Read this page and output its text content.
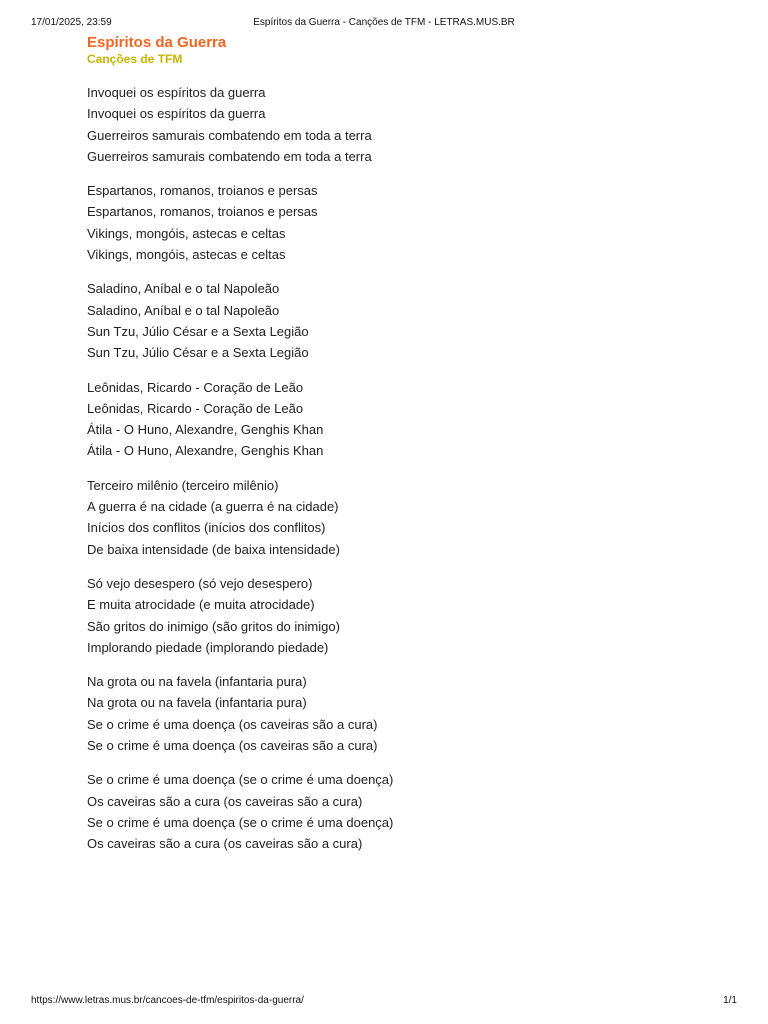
17/01/2025, 23:59	Espíritos da Guerra - Canções de TFM - LETRAS.MUS.BR
Espíritos da Guerra
Canções de TFM
Invoquei os espíritos da guerra
Invoquei os espíritos da guerra
Guerreiros samurais combatendo em toda a terra
Guerreiros samurais combatendo em toda a terra
Espartanos, romanos, troianos e persas
Espartanos, romanos, troianos e persas
Vikings, mongóis, astecas e celtas
Vikings, mongóis, astecas e celtas
Saladino, Aníbal e o tal Napoleão
Saladino, Aníbal e o tal Napoleão
Sun Tzu, Júlio César e a Sexta Legião
Sun Tzu, Júlio César e a Sexta Legião
Leônidas, Ricardo - Coração de Leão
Leônidas, Ricardo - Coração de Leão
Átila - O Huno, Alexandre, Genghis Khan
Átila - O Huno, Alexandre, Genghis Khan
Terceiro milênio (terceiro milênio)
A guerra é na cidade (a guerra é na cidade)
Inícios dos conflitos (inícios dos conflitos)
De baixa intensidade (de baixa intensidade)
Só vejo desespero (só vejo desespero)
E muita atrocidade (e muita atrocidade)
São gritos do inimigo (são gritos do inimigo)
Implorando piedade (implorando piedade)
Na grota ou na favela (infantaria pura)
Na grota ou na favela (infantaria pura)
Se o crime é uma doença (os caveiras são a cura)
Se o crime é uma doença (os caveiras são a cura)
Se o crime é uma doença (se o crime é uma doença)
Os caveiras são a cura (os caveiras são a cura)
Se o crime é uma doença (se o crime é uma doença)
Os caveiras são a cura (os caveiras são a cura)
https://www.letras.mus.br/cancoes-de-tfm/espiritos-da-guerra/	1/1
